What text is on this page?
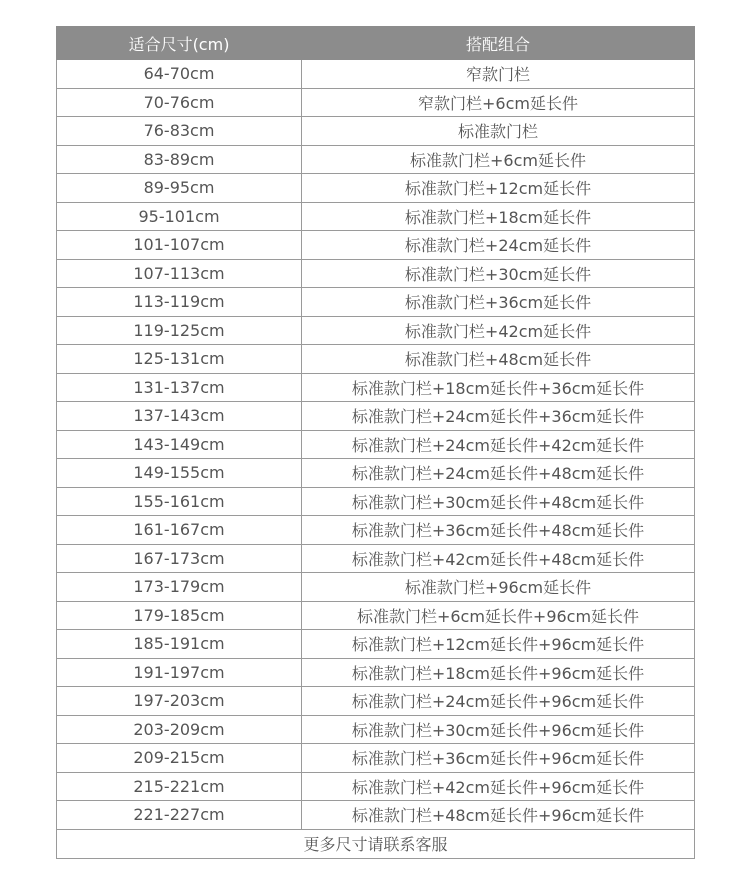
适合尺寸(cm)	搭配组合
64-70cm	窄款门栏
70-76cm	窄款门栏+6cm延长件
76-83cm	标准款门栏
83-89cm	标准款门栏+6cm延长件
89-95cm	标准款门栏+12cm延长件
95-101cm	标准款门栏+18cm延长件
101-107cm	标准款门栏+24cm延长件
107-113cm	标准款门栏+30cm延长件
113-119cm	标准款门栏+36cm延长件
119-125cm	标准款门栏+42cm延长件
125-131cm	标准款门栏+48cm延长件
131-137cm	标准款门栏+18cm延长件+36cm延长件
137-143cm	标准款门栏+24cm延长件+36cm延长件
143-149cm	标准款门栏+24cm延长件+42cm延长件
149-155cm	标准款门栏+24cm延长件+48cm延长件
155-161cm	标准款门栏+30cm延长件+48cm延长件
161-167cm	标准款门栏+36cm延长件+48cm延长件
167-173cm	标准款门栏+42cm延长件+48cm延长件
173-179cm	标准款门栏+96cm延长件
179-185cm	标准款门栏+6cm延长件+96cm延长件
185-191cm	标准款门栏+12cm延长件+96cm延长件
191-197cm	标准款门栏+18cm延长件+96cm延长件
197-203cm	标准款门栏+24cm延长件+96cm延长件
203-209cm	标准款门栏+30cm延长件+96cm延长件
209-215cm	标准款门栏+36cm延长件+96cm延长件
215-221cm	标准款门栏+42cm延长件+96cm延长件
221-227cm	标准款门栏+48cm延长件+96cm延长件
更多尺寸请联系客服	
